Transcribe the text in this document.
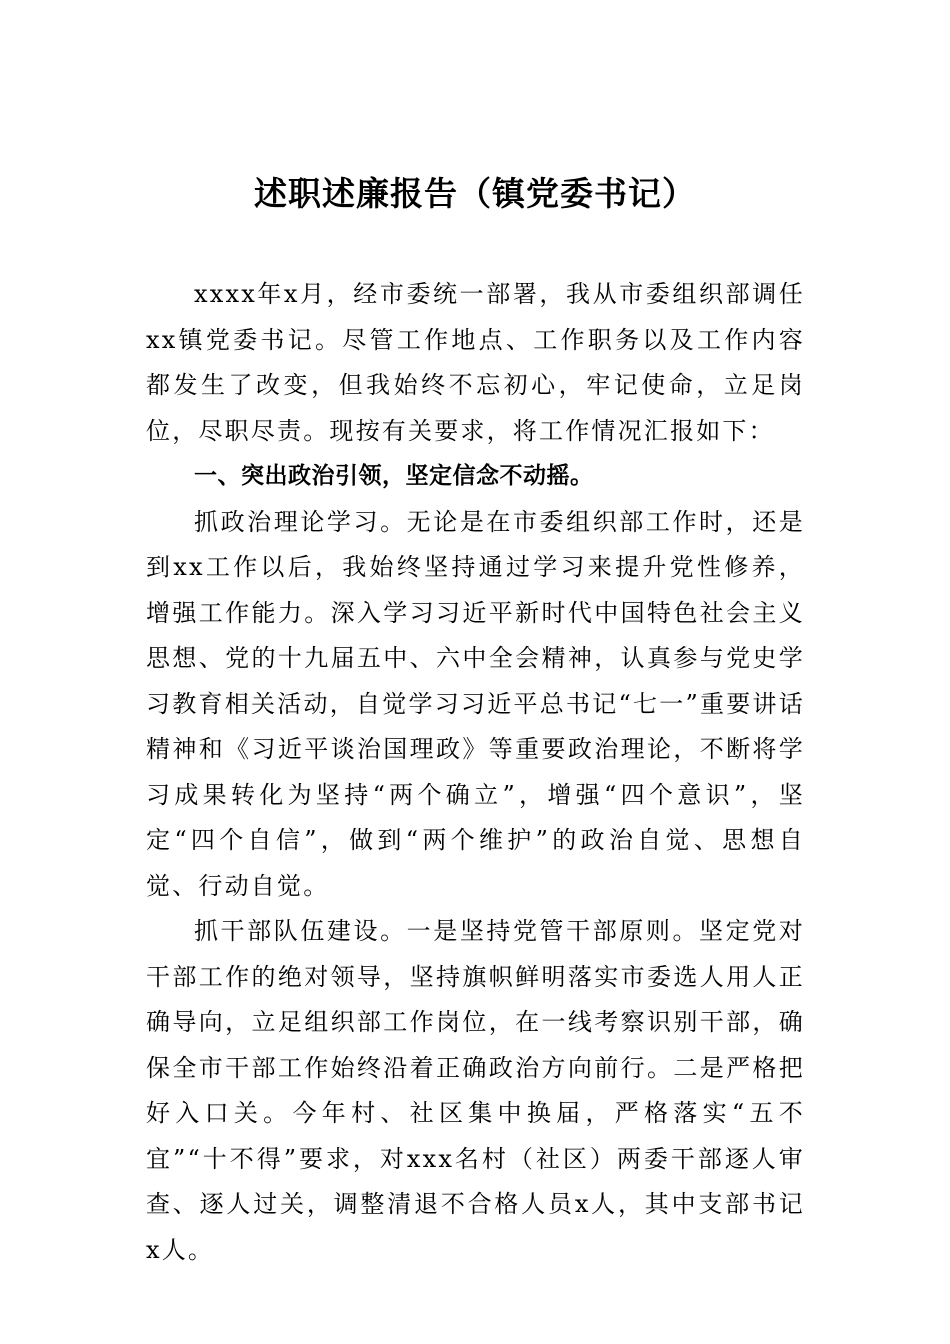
述职述廉报告（镇党委书记）

xxxx年x月，经市委统一部署，我从市委组织部调任xx镇党委书记。尽管工作地点、工作职务以及工作内容都发生了改变，但我始终不忘初心，牢记使命，立足岗位，尽职尽责。现按有关要求，将工作情况汇报如下：

一、突出政治引领，坚定信念不动摇。

抓政治理论学习。无论是在市委组织部工作时，还是到xx工作以后，我始终坚持通过学习来提升党性修养，增强工作能力。深入学习习近平新时代中国特色社会主义思想、党的十九届五中、六中全会精神，认真参与党史学习教育相关活动，自觉学习习近平总书记“七一”重要讲话精神和《习近平谈治国理政》等重要政治理论，不断将学习成果转化为坚持“两个确立”，增强“四个意识”，坚定“四个自信”，做到“两个维护”的政治自觉、思想自觉、行动自觉。

抓干部队伍建设。一是坚持党管干部原则。坚定党对干部工作的绝对领导，坚持旗帜鲜明落实市委选人用人正确导向，立足组织部工作岗位，在一线考察识别干部，确保全市干部工作始终沿着正确政治方向前行。二是严格把好入口关。今年村、社区集中换届，严格落实“五不宜”“十不得”要求，对xxx名村（社区）两委干部逐人审查、逐人过关，调整清退不合格人员x人，其中支部书记x人。
